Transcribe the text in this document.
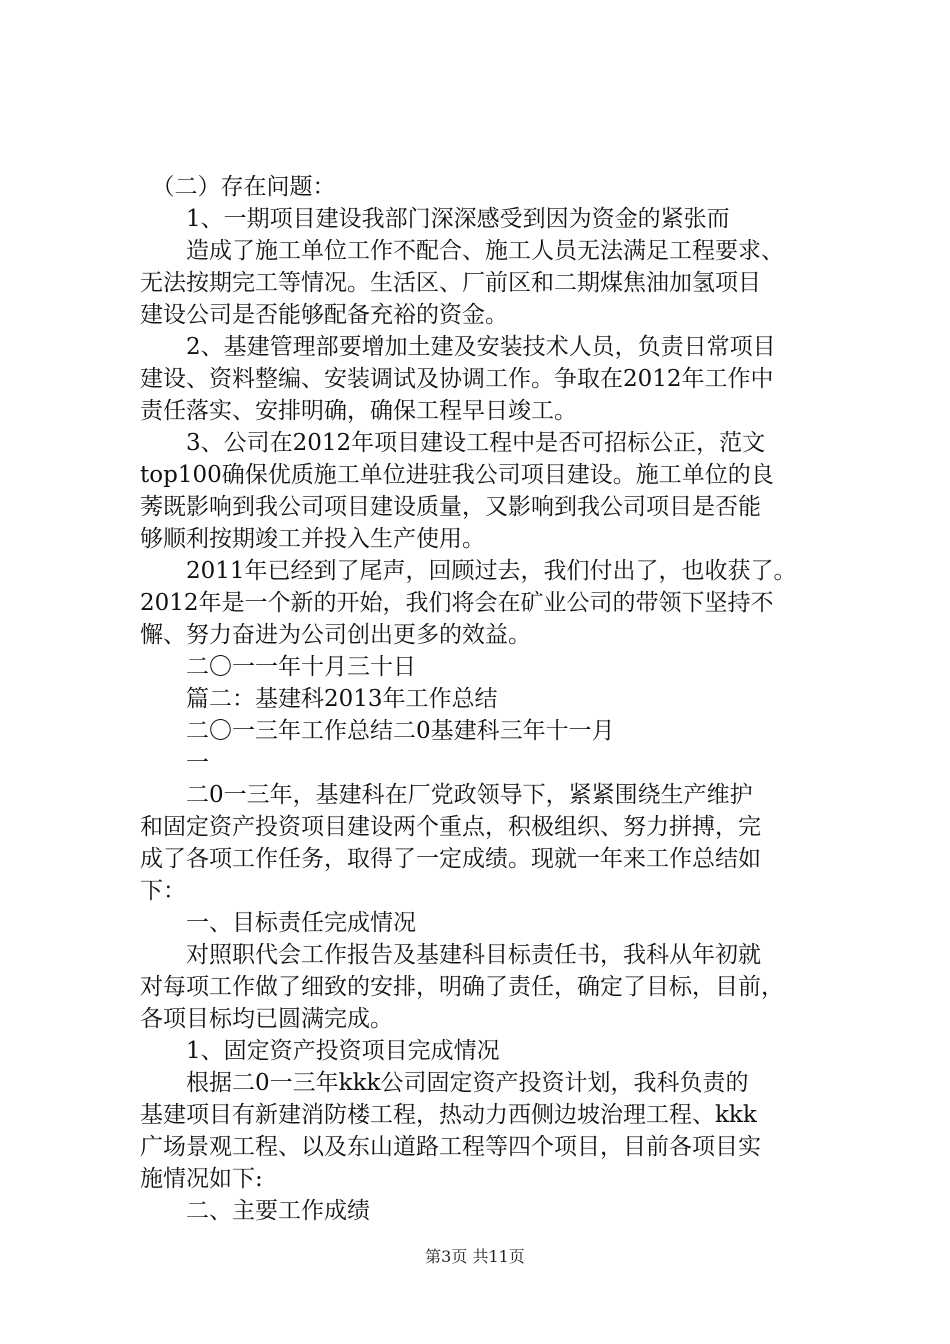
　（二）存在问题：
　　1、一期项目建设我部门深深感受到因为资金的紧张而
　　造成了施工单位工作不配合、施工人员无法满足工程要求、
无法按期完工等情况。生活区、厂前区和二期煤焦油加氢项目
建设公司是否能够配备充裕的资金。
　　2、基建管理部要增加土建及安装技术人员，负责日常项目
建设、资料整编、安装调试及协调工作。争取在2012年工作中
责任落实、安排明确，确保工程早日竣工。
　　3、公司在2012年项目建设工程中是否可招标公正，范文
top100确保优质施工单位进驻我公司项目建设。施工单位的良
莠既影响到我公司项目建设质量，又影响到我公司项目是否能
够顺利按期竣工并投入生产使用。
　　2011年已经到了尾声，回顾过去，我们付出了，也收获了。
2012年是一个新的开始，我们将会在矿业公司的带领下坚持不
懈、努力奋进为公司创出更多的效益。
　　二〇一一年十月三十日
　　篇二：基建科2013年工作总结
　　二〇一三年工作总结二0基建科三年十一月
　　一
　　二0一三年，基建科在厂党政领导下，紧紧围绕生产维护
和固定资产投资项目建设两个重点，积极组织、努力拼搏，完
成了各项工作任务，取得了一定成绩。现就一年来工作总结如
下：
　　一、目标责任完成情况
　　对照职代会工作报告及基建科目标责任书，我科从年初就
对每项工作做了细致的安排，明确了责任，确定了目标，目前，
各项目标均已圆满完成。
　　1、固定资产投资项目完成情况
　　根据二0一三年kkk公司固定资产投资计划，我科负责的
基建项目有新建消防楼工程，热动力西侧边坡治理工程、kkk
广场景观工程、以及东山道路工程等四个项目，目前各项目实
第3页 共11页
施情况如下:
　　二、主要工作成绩
